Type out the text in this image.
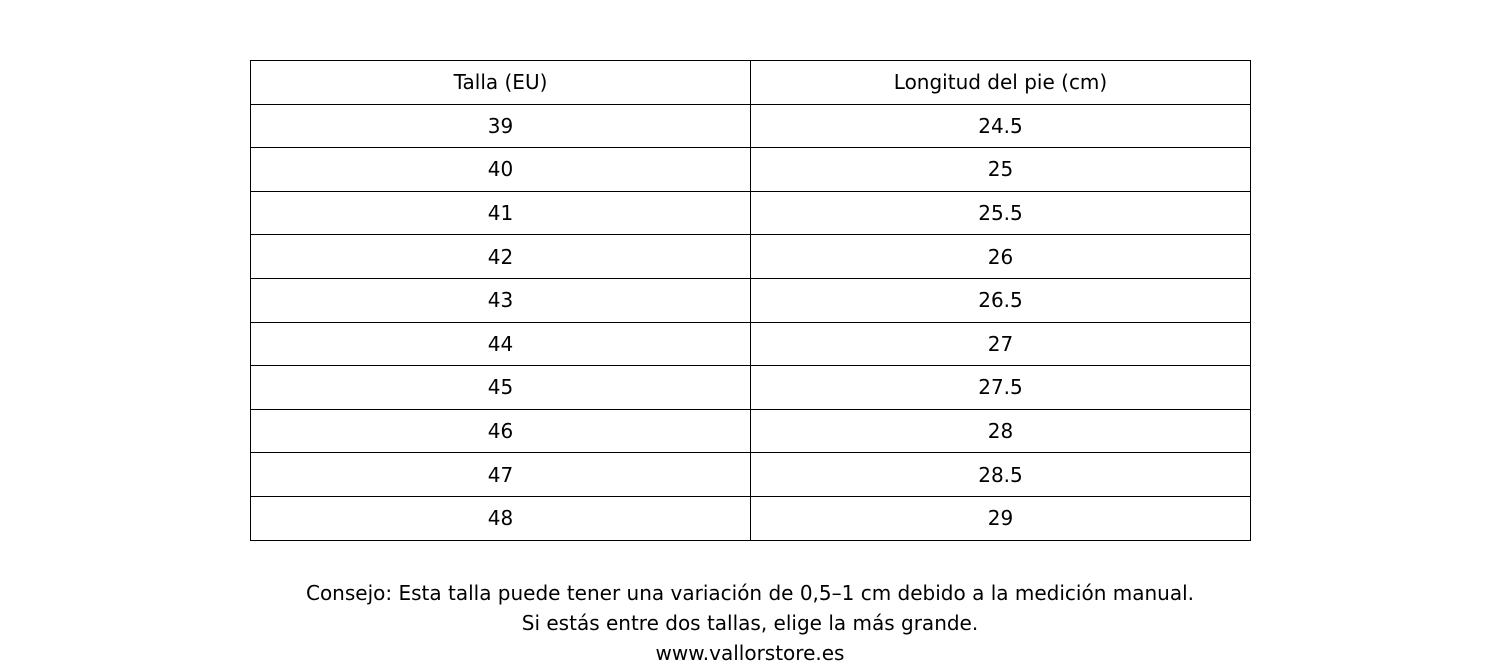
Talla (EU)	Longitud del pie (cm)
39	24.5
40	25
41	25.5
42	26
43	26.5
44	27
45	27.5
46	28
47	28.5
48	29
Consejo: Esta talla puede tener una variación de 0,5–1 cm debido a la medición manual.
Si estás entre dos tallas, elige la más grande.
www.vallorstore.es
